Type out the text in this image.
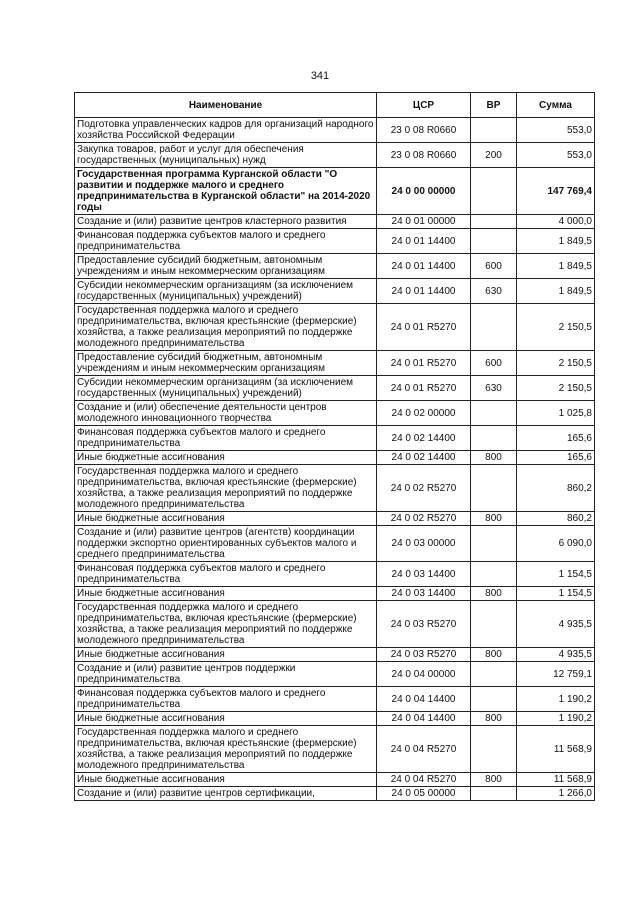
341
Наименование	ЦСР	ВР	Сумма
Подготовка управленческих кадров для организаций народного хозяйства Российской Федерации	23 0 08 R0660		553,0
Закупка товаров, работ и услуг для обеспечения государственных (муниципальных) нужд	23 0 08 R0660	200	553,0
Государственная программа Курганской области "О развитии и поддержке малого и среднего предпринимательства в Курганской области" на 2014-2020 годы	24 0 00 00000		147 769,4
Создание и (или) развитие центров кластерного развития	24 0 01 00000		4 000,0
Финансовая поддержка субъектов малого и среднего предпринимательства	24 0 01 14400		1 849,5
Предоставление субсидий бюджетным, автономным учреждениям и иным некоммерческим организациям	24 0 01 14400	600	1 849,5
Субсидии некоммерческим организациям (за исключением государственных (муниципальных) учреждений)	24 0 01 14400	630	1 849,5
Государственная поддержка малого и среднего предпринимательства, включая крестьянские (фермерские) хозяйства, а также реализация мероприятий по поддержке молодежного предпринимательства	24 0 01 R5270		2 150,5
Предоставление субсидий бюджетным, автономным учреждениям и иным некоммерческим организациям	24 0 01 R5270	600	2 150,5
Субсидии некоммерческим организациям (за исключением государственных (муниципальных) учреждений)	24 0 01 R5270	630	2 150,5
Создание и (или) обеспечение деятельности центров молодежного инновационного творчества	24 0 02 00000		1 025,8
Финансовая поддержка субъектов малого и среднего предпринимательства	24 0 02 14400		165,6
Иные бюджетные ассигнования	24 0 02 14400	800	165,6
Государственная поддержка малого и среднего предпринимательства, включая крестьянские (фермерские) хозяйства, а также реализация мероприятий по поддержке молодежного предпринимательства	24 0 02 R5270		860,2
Иные бюджетные ассигнования	24 0 02 R5270	800	860,2
Создание и (или) развитие центров (агентств) координации поддержки экспортно ориентированных субъектов малого и среднего предпринимательства	24 0 03 00000		6 090,0
Финансовая поддержка субъектов малого и среднего предпринимательства	24 0 03 14400		1 154,5
Иные бюджетные ассигнования	24 0 03 14400	800	1 154,5
Государственная поддержка малого и среднего предпринимательства, включая крестьянские (фермерские) хозяйства, а также реализация мероприятий по поддержке молодежного предпринимательства	24 0 03 R5270		4 935,5
Иные бюджетные ассигнования	24 0 03 R5270	800	4 935,5
Создание и (или) развитие центров поддержки предпринимательства	24 0 04 00000		12 759,1
Финансовая поддержка субъектов малого и среднего предпринимательства	24 0 04 14400		1 190,2
Иные бюджетные ассигнования	24 0 04 14400	800	1 190,2
Государственная поддержка малого и среднего предпринимательства, включая крестьянские (фермерские) хозяйства, а также реализация мероприятий по поддержке молодежного предпринимательства	24 0 04 R5270		11 568,9
Иные бюджетные ассигнования	24 0 04 R5270	800	11 568,9
Создание и (или) развитие центров сертификации,	24 0 05 00000		1 266,0
